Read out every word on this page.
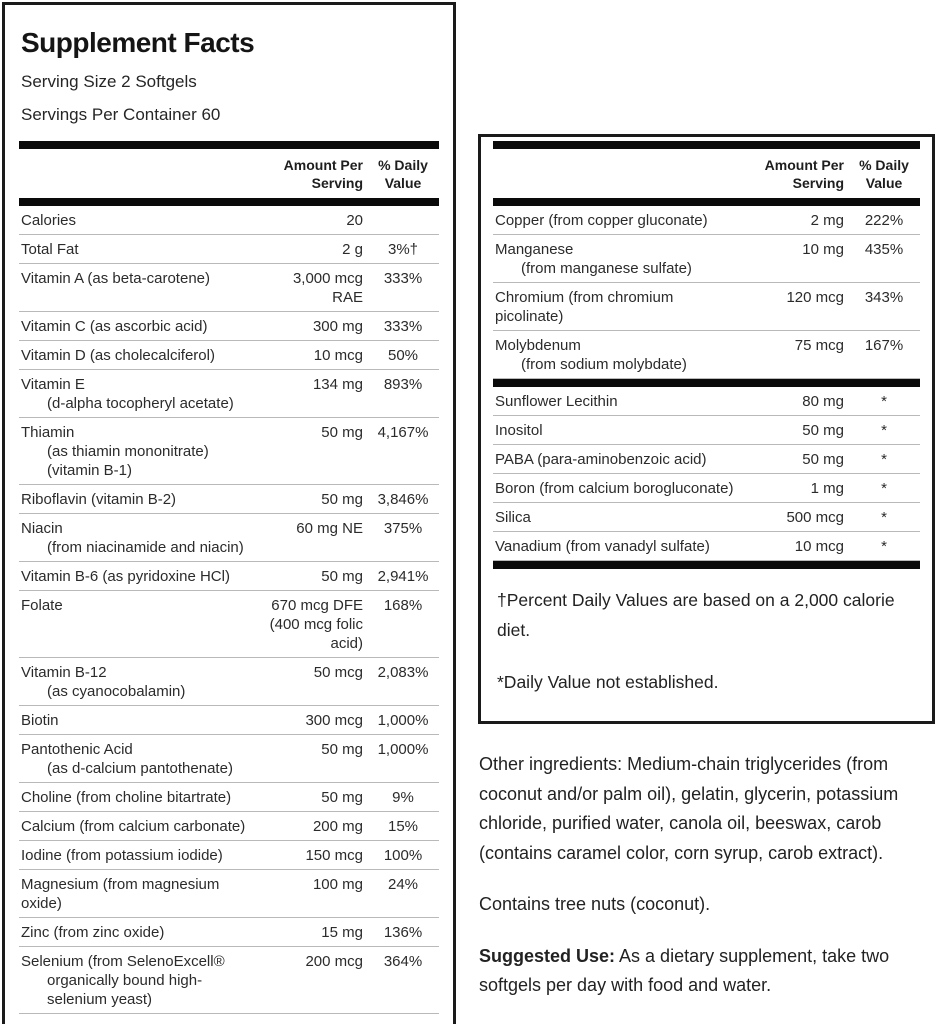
Supplement Facts
Serving Size 2 Softgels
Servings Per Container 60
Amount Per Serving
% Daily Value
Calories	20
Total Fat	2 g	3%†
Vitamin A (as beta-carotene)	3,000 mcg RAE
333%
Vitamin C (as ascorbic acid)	300 mg	333%
Vitamin D (as cholecalciferol)	10 mcg	50%
Vitamin E
(d-alpha tocopheryl acetate)
134 mg	893%
Thiamin
(as thiamin mononitrate) (vitamin B-1)
50 mg 4,167%
Riboflavin (vitamin B-2)	50 mg 3,846%
Niacin
(from niacinamide and niacin)
60 mg NE	375%
Vitamin B-6 (as pyridoxine HCl)	50 mg 2,941%
Folate	670 mcg DFE (400 mcg folic acid)
168%
Vitamin B-12
(as cyanocobalamin)
50 mcg 2,083%
Biotin	300 mcg 1,000%
Pantothenic Acid
(as d-calcium pantothenate)
50 mg 1,000%
Choline (from choline bitartrate)	50 mg	9%
Calcium (from calcium carbonate)	200 mg	15%
Iodine (from potassium iodide)	150 mcg	100%
Magnesium (from magnesium oxide)
100 mg	24%
Zinc (from zinc oxide)	15 mg	136%
Selenium (from SelenoExcell®
organically bound high-selenium yeast)
200 mcg	364%
Amount Per Serving
% Daily Value
Copper (from copper gluconate)	2 mg	222%
Manganese
(from manganese sulfate)
10 mg	435%
Chromium (from chromium picolinate)
120 mcg	343%
Molybdenum
(from sodium molybdate)
75 mcg	167%
Sunflower Lecithin	80 mg	*
Inositol	50 mg	*
PABA (para-aminobenzoic acid)	50 mg	*
Boron (from calcium borogluconate)	1 mg	*
Silica	500 mcg	*
Vanadium (from vanadyl sulfate)	10 mcg	*
†Percent Daily Values are based on a 2,000 calorie diet.
*Daily Value not established.

Other ingredients: Medium-chain triglycerides (from coconut and/or palm oil), gelatin, glycerin, potassium chloride, purified water, canola oil, beeswax, carob (contains caramel color, corn syrup, carob extract).

Contains tree nuts (coconut).

Suggested Use: As a dietary supplement, take two softgels per day with food and water.
